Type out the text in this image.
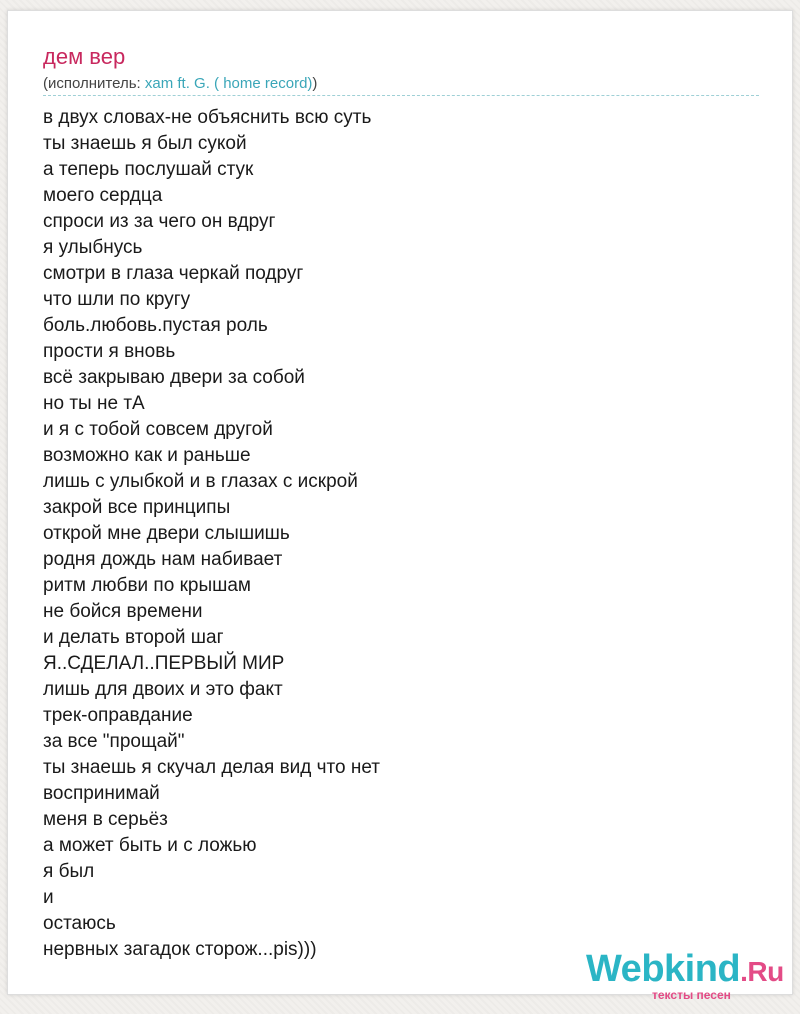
дем вер
(исполнитель: xam ft. G. ( home record))
в двух словах-не объяснить всю суть
ты знаешь я был сукой
а теперь послушай стук
моего сердца
спроси из за чего он вдруг
я улыбнусь
смотри в глаза черкай подруг
что шли по кругу
боль.любовь.пустая роль
прости я вновь
всё закрываю двери за собой
но ты не тА
и я с тобой совсем другой
возможно как и раньше
лишь с улыбкой и в глазах с искрой
закрой все принципы
открой мне двери слышишь
родня дождь нам набивает
ритм любви по крышам
не бойся времени
и делать второй шаг
Я..СДЕЛАЛ..ПЕРВЫЙ МИР
лишь для двоих и это факт
трек-оправдание
за все "прощай"
ты знаешь я скучал делая вид что нет
воспринимай
меня в серьёз
а может быть и с ложью
я был
и
остаюсь
нервных загадок сторож...pis)))	Webkind.Ru
тексты песен
